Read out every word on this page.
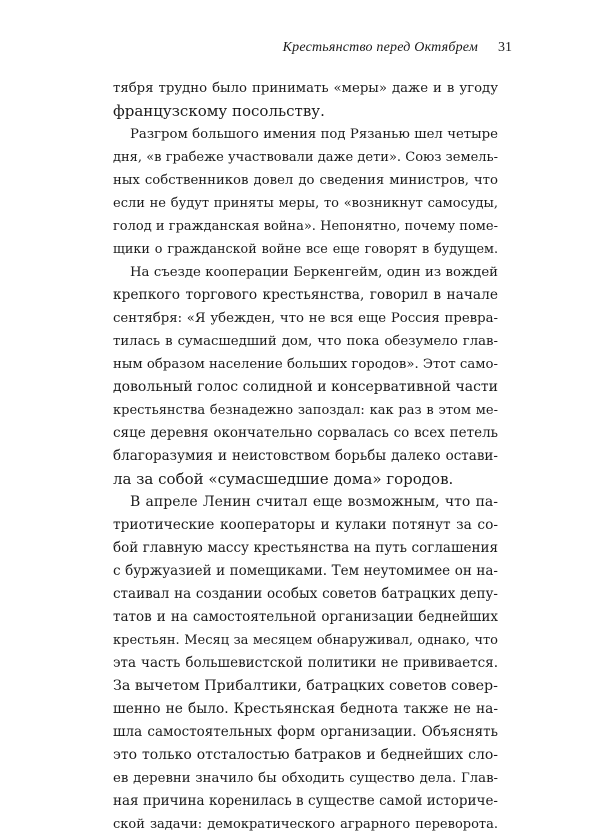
Крестьянство перед Октябрем 31
тября трудно было принимать «меры» даже и в угоду
французскому посольству.
Разгром большого имения под Рязанью шел четыре
дня, «в грабеже участвовали даже дети». Союз земель-
ных собственников довел до сведения министров, что
если не будут приняты меры, то «возникнут самосуды,
голод и гражданская война». Непонятно, почему поме-
щики о гражданской войне все еще говорят в будущем.
На съезде кооперации Беркенгейм, один из вождей
крепкого торгового крестьянства, говорил в начале
сентября: «Я убежден, что не вся еще Россия превра-
тилась в сумасшедший дом, что пока обезумело глав-
ным образом население больших городов». Этот само-
довольный голос солидной и консервативной части
крестьянства безнадежно запоздал: как раз в этом ме-
сяце деревня окончательно сорвалась со всех петель
благоразумия и неистовством борьбы далеко остави-
ла за собой «сумасшедшие дома» городов.
В апреле Ленин считал еще возможным, что па-
триотические кооператоры и кулаки потянут за со-
бой главную массу крестьянства на путь соглашения
с буржуазией и помещиками. Тем неутомимее он на-
стаивал на создании особых советов батрацких депу-
татов и на самостоятельной организации беднейших
крестьян. Месяц за месяцем обнаруживал, однако, что
эта часть большевистской политики не прививается.
За вычетом Прибалтики, батрацких советов совер-
шенно не было. Крестьянская беднота также не на-
шла самостоятельных форм организации. Объяснять
это только отсталостью батраков и беднейших сло-
ев деревни значило бы обходить существо дела. Глав-
ная причина коренилась в существе самой историче-
ской задачи: демократического аграрного переворота.
